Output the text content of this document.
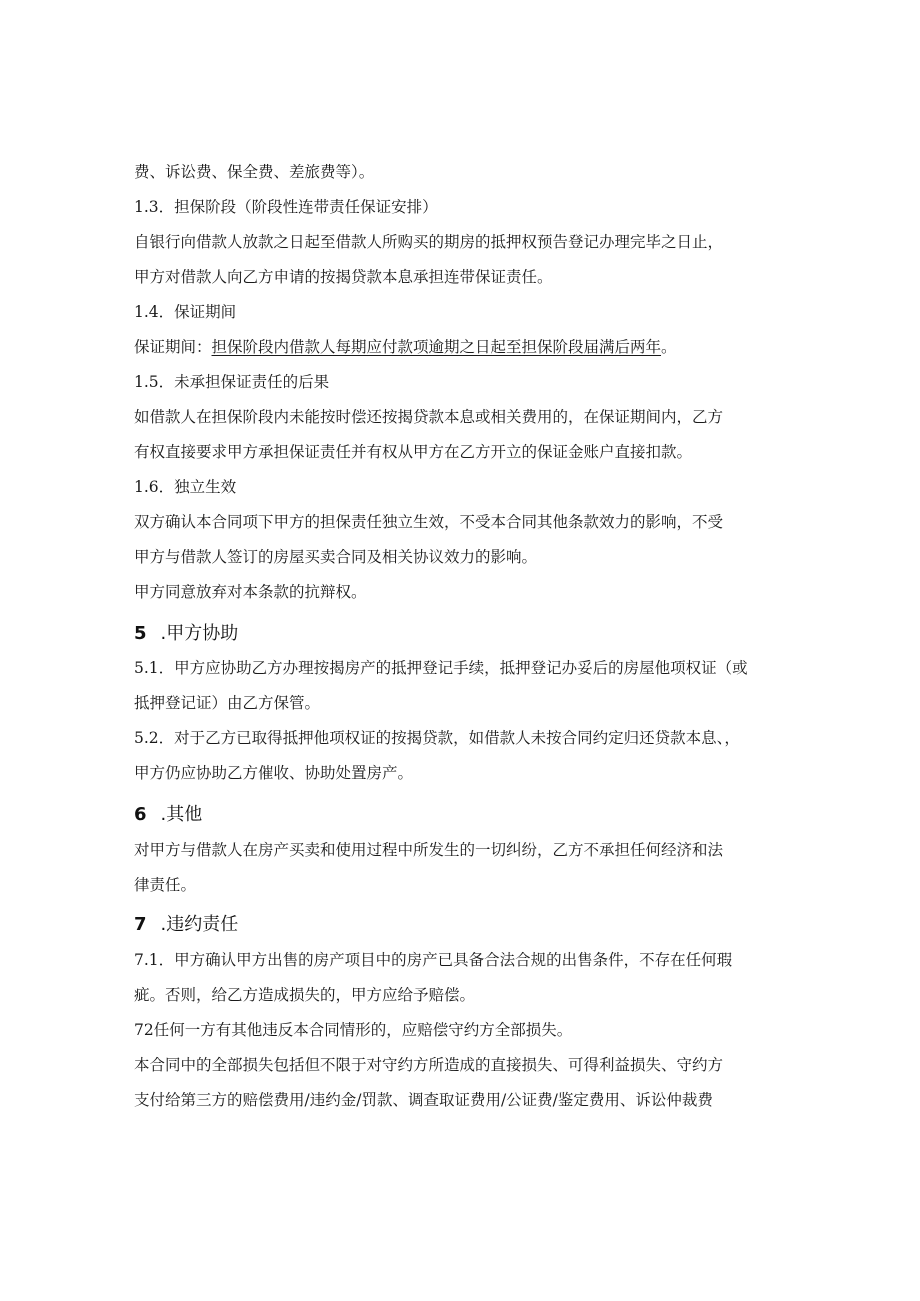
费、诉讼费、保全费、差旅费等）。
1.3．担保阶段（阶段性连带责任保证安排）
自银行向借款人放款之日起至借款人所购买的期房的抵押权预告登记办理完毕之日止，
甲方对借款人向乙方申请的按揭贷款本息承担连带保证责任。
1.4．保证期间
保证期间：担保阶段内借款人每期应付款项逾期之日起至担保阶段届满后两年。
1.5．未承担保证责任的后果
如借款人在担保阶段内未能按时偿还按揭贷款本息或相关费用的，在保证期间内，乙方
有权直接要求甲方承担保证责任并有权从甲方在乙方开立的保证金账户直接扣款。
1.6．独立生效
双方确认本合同项下甲方的担保责任独立生效，不受本合同其他条款效力的影响，不受
甲方与借款人签订的房屋买卖合同及相关协议效力的影响。
甲方同意放弃对本条款的抗辩权。
5 .甲方协助
5.1．甲方应协助乙方办理按揭房产的抵押登记手续，抵押登记办妥后的房屋他项权证（或
抵押登记证）由乙方保管。
5.2．对于乙方已取得抵押他项权证的按揭贷款，如借款人未按合同约定归还贷款本息、，
甲方仍应协助乙方催收、协助处置房产。
6 .其他
对甲方与借款人在房产买卖和使用过程中所发生的一切纠纷，乙方不承担任何经济和法
律责任。
7 .违约责任
7.1．甲方确认甲方出售的房产项目中的房产已具备合法合规的出售条件，不存在任何瑕
疵。否则，给乙方造成损失的，甲方应给予赔偿。
72任何一方有其他违反本合同情形的，应赔偿守约方全部损失。
本合同中的全部损失包括但不限于对守约方所造成的直接损失、可得利益损失、守约方
支付给第三方的赔偿费用/违约金/罚款、调查取证费用/公证费/鉴定费用、诉讼仲裁费
